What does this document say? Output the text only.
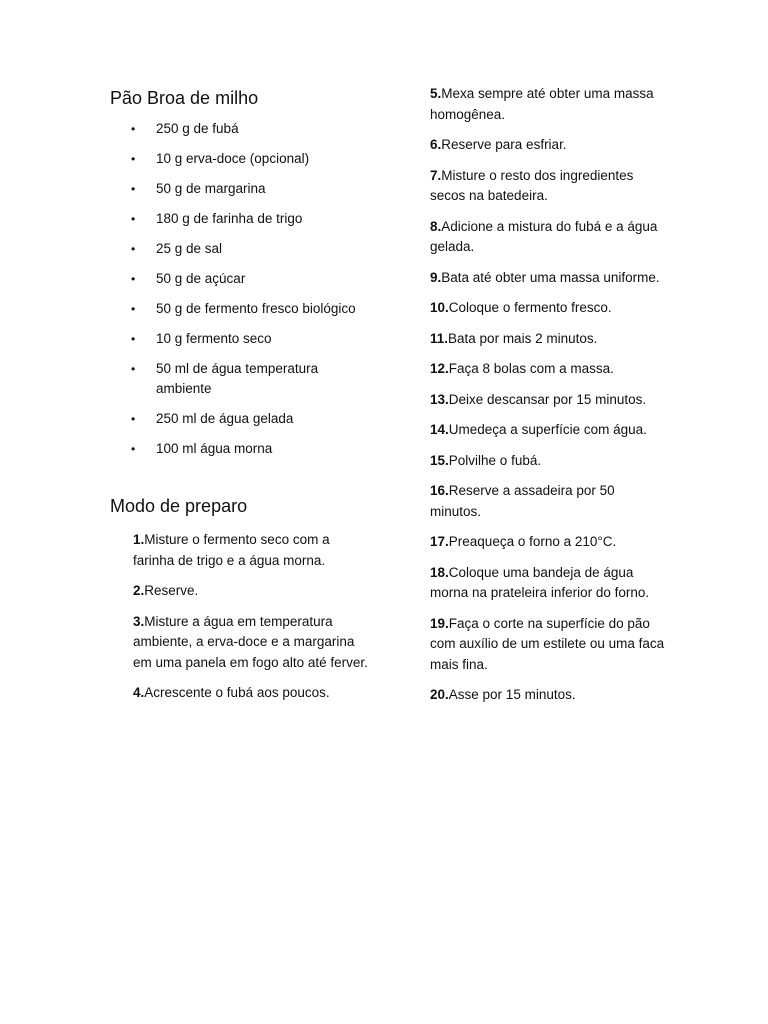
Pão Broa de milho
• 250 g de fubá
• 10 g erva-doce (opcional)
• 50 g de margarina
• 180 g de farinha de trigo
• 25 g de sal
• 50 g de açúcar
• 50 g de fermento fresco biológico
• 10 g fermento seco
• 50 ml de água temperatura ambiente
• 250 ml de água gelada
• 100 ml água morna
Modo de preparo
1.Misture o fermento seco com a farinha de trigo e a água morna.
2.Reserve.
3.Misture a água em temperatura ambiente, a erva-doce e a margarina em uma panela em fogo alto até ferver.
4.Acrescente o fubá aos poucos.
5.Mexa sempre até obter uma massa homogênea.
6.Reserve para esfriar.
7.Misture o resto dos ingredientes secos na batedeira.
8.Adicione a mistura do fubá e a água gelada.
9.Bata até obter uma massa uniforme.
10.Coloque o fermento fresco.
11.Bata por mais 2 minutos.
12.Faça 8 bolas com a massa.
13.Deixe descansar por 15 minutos.
14.Umedeça a superfície com água.
15.Polvilhe o fubá.
16.Reserve a assadeira por 50 minutos.
17.Preaqueça o forno a 210°C.
18.Coloque uma bandeja de água morna na prateleira inferior do forno.
19.Faça o corte na superfície do pão com auxílio de um estilete ou uma faca mais fina.
20.Asse por 15 minutos.
